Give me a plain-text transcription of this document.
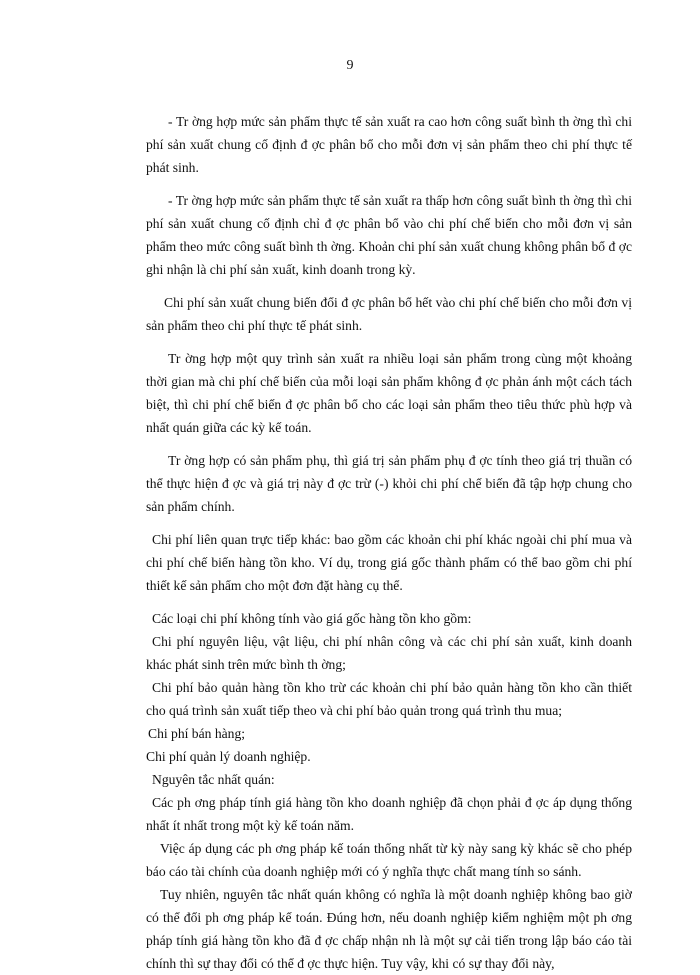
9

- Tr ờng hợp mức sản phẩm thực tế sản xuất ra cao hơn công suất bình th ờng thì chi phí sản xuất chung cố định đ ợc phân bổ cho mỗi đơn vị sản phẩm theo chi phí thực tế phát sinh.

- Tr ờng hợp mức sản phẩm thực tế sản xuất ra thấp hơn công suất bình th ờng thì chi phí sản xuất chung cố định chỉ đ ợc phân bổ vào chi phí chế biến cho mỗi đơn vị sản phẩm theo mức công suất bình th ờng. Khoản chi phí sản xuất chung không phân bổ đ ợc ghi nhận là chi phí sản xuất, kinh doanh trong kỳ.

Chi phí sản xuất chung biến đổi đ ợc phân bổ hết vào chi phí chế biến cho mỗi đơn vị sản phẩm theo chi phí thực tế phát sinh.

Tr ờng hợp một quy trình sản xuất ra nhiều loại sản phẩm trong cùng một khoảng thời gian mà chi phí chế biến của mỗi loại sản phẩm không đ ợc phản ánh một cách tách biệt, thì chi phí chế biến đ ợc phân bổ cho các loại sản phẩm theo tiêu thức phù hợp và nhất quán giữa các kỳ kế toán.

Tr ờng hợp có sản phẩm phụ, thì giá trị sản phẩm phụ đ ợc tính theo giá trị thuần có thể thực hiện đ ợc và giá trị này đ ợc trừ (-) khỏi chi phí chế biến đã tập hợp chung cho sản phẩm chính.

Chi phí liên quan trực tiếp khác: bao gồm các khoản chi phí khác ngoài chi phí mua và chi phí chế biến hàng tồn kho. Ví dụ, trong giá gốc thành phẩm có thể bao gồm chi phí thiết kế sản phẩm cho một đơn đặt hàng cụ thể.

Các loại chi phí không tính vào giá gốc hàng tồn kho gồm:

Chi phí nguyên liệu, vật liệu, chi phí nhân công và các chi phí sản xuất, kinh doanh khác phát sinh trên mức bình th ờng;

Chi phí bảo quản hàng tồn kho trừ các khoản chi phí bảo quản hàng tồn kho cần thiết cho quá trình sản xuất tiếp theo và chi phí bảo quản trong quá trình thu mua;

Chi phí bán hàng;

Chi phí quản lý doanh nghiệp.

Nguyên tắc nhất quán:

Các ph ơng pháp tính giá hàng tồn kho doanh nghiệp đã chọn phải đ ợc áp dụng thống nhất ít nhất trong một kỳ kế toán năm.

Việc áp dụng các ph ơng pháp kế toán thống nhất từ kỳ này sang kỳ khác sẽ cho phép báo cáo tài chính của doanh nghiệp mới có ý nghĩa thực chất mang tính so sánh.

Tuy nhiên, nguyên tắc nhất quán không có nghĩa là một doanh nghiệp không bao giờ có thể đổi ph ơng pháp kế toán. Đúng hơn, nếu doanh nghiệp kiểm nghiệm một ph ơng pháp tính giá hàng tồn kho đã đ ợc chấp nhận nh là một sự cải tiến trong lập báo cáo tài chính thì sự thay đổi có thể đ ợc thực hiện. Tuy vậy, khi có sự thay đổi này,
